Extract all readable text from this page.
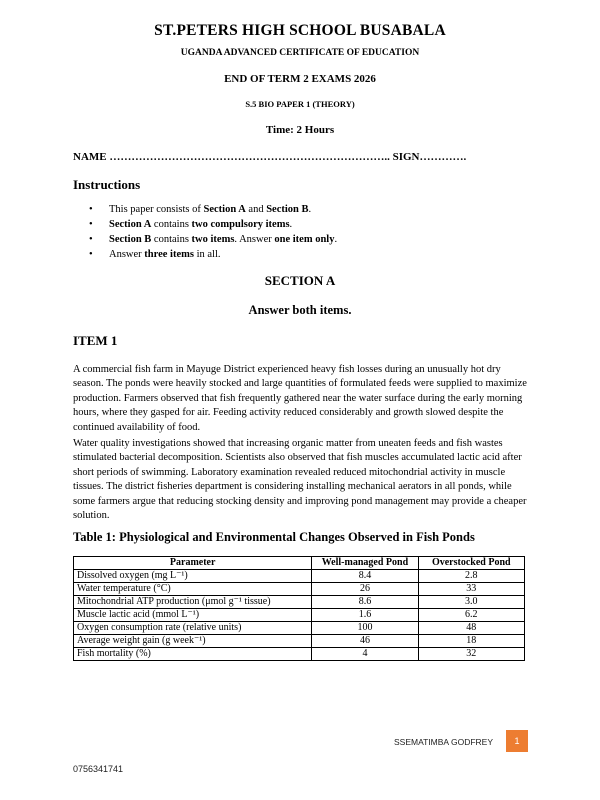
ST.PETERS HIGH SCHOOL BUSABALA
UGANDA ADVANCED CERTIFICATE OF EDUCATION
END OF TERM 2 EXAMS 2026
S.5 BIO PAPER 1 (THEORY)
Time: 2 Hours
NAME ………………………………………………………………….. SIGN………….
Instructions
• This paper consists of Section A and Section B.
• Section A contains two compulsory items.
• Section B contains two items. Answer one item only.
• Answer three items in all.
SECTION A
Answer both items.
ITEM 1

A commercial fish farm in Mayuge District experienced heavy fish losses during an unusually hot dry season. The ponds were heavily stocked and large quantities of formulated feeds were supplied to maximize production. Farmers observed that fish frequently gathered near the water surface during the early morning hours, where they gasped for air. Feeding activity reduced considerably and growth slowed despite the continued availability of food.

Water quality investigations showed that increasing organic matter from uneaten feeds and fish wastes stimulated bacterial decomposition. Scientists also observed that fish muscles accumulated lactic acid after short periods of swimming. Laboratory examination revealed reduced mitochondrial activity in muscle tissues. The district fisheries department is considering installing mechanical aerators in all ponds, while some farmers argue that reducing stocking density and improving pond management may provide a cheaper solution.

Table 1: Physiological and Environmental Changes Observed in Fish Ponds
Parameter	Well-managed Pond	Overstocked Pond
Dissolved oxygen (mg L⁻¹)	8.4	2.8
Water temperature (°C)	26	33
Mitochondrial ATP production (μmol g⁻¹ tissue)	8.6	3.0
Muscle lactic acid (mmol L⁻¹)	1.6	6.2
Oxygen consumption rate (relative units)	100	48
Average weight gain (g week⁻¹)	46	18
Fish mortality (%)	4	32
SSEMATIMBA GODFREY	1
0756341741
